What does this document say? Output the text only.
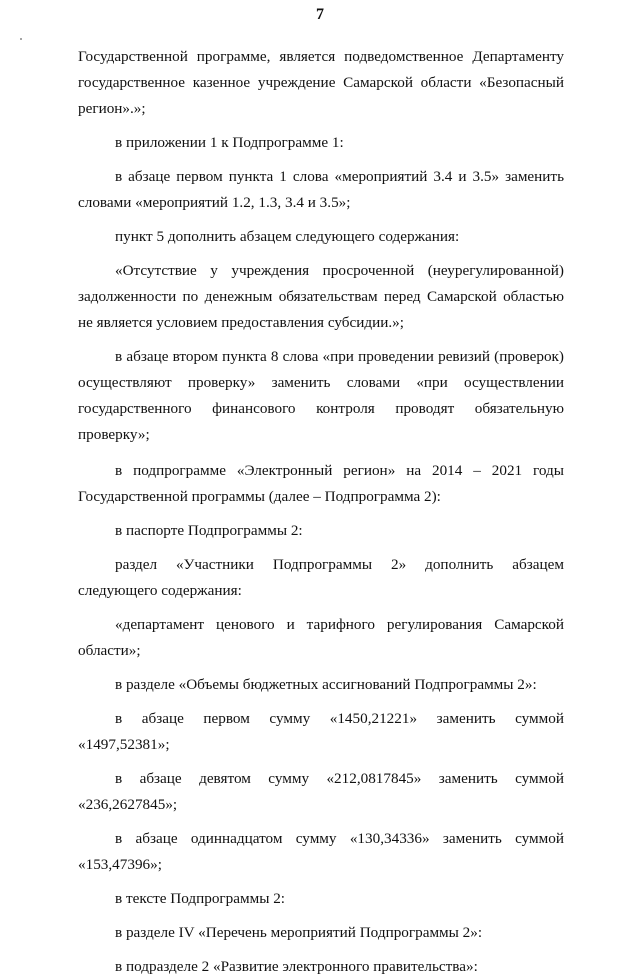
7

Государственной программе, является подведомственное Департаменту государственное казенное учреждение Самарской области «Безопасный регион».»;

в приложении 1 к Подпрограмме 1:

в абзаце первом пункта 1 слова «мероприятий 3.4 и 3.5» заменить словами «мероприятий 1.2, 1.3, 3.4 и 3.5»;

пункт 5 дополнить абзацем следующего содержания:

«Отсутствие у учреждения просроченной (неурегулированной) задолженности по денежным обязательствам перед Самарской областью не является условием предоставления субсидии.»;

в абзаце втором пункта 8 слова «при проведении ревизий (проверок) осуществляют проверку» заменить словами «при осуществлении государственного финансового контроля проводят обязательную проверку»;

в подпрограмме «Электронный регион» на 2014 – 2021 годы Государственной программы (далее – Подпрограмма 2):

в паспорте Подпрограммы 2:

раздел «Участники Подпрограммы 2» дополнить абзацем следующего содержания:

«департамент ценового и тарифного регулирования Самарской области»;

в разделе «Объемы бюджетных ассигнований Подпрограммы 2»:

в абзаце первом сумму «1450,21221» заменить суммой «1497,52381»;

в абзаце девятом сумму «212,0817845» заменить суммой «236,2627845»;

в абзаце одиннадцатом сумму «130,34336» заменить суммой «153,47396»;

в тексте Подпрограммы 2:

в разделе IV «Перечень мероприятий Подпрограммы 2»:

в подразделе 2 «Развитие электронного правительства»:
